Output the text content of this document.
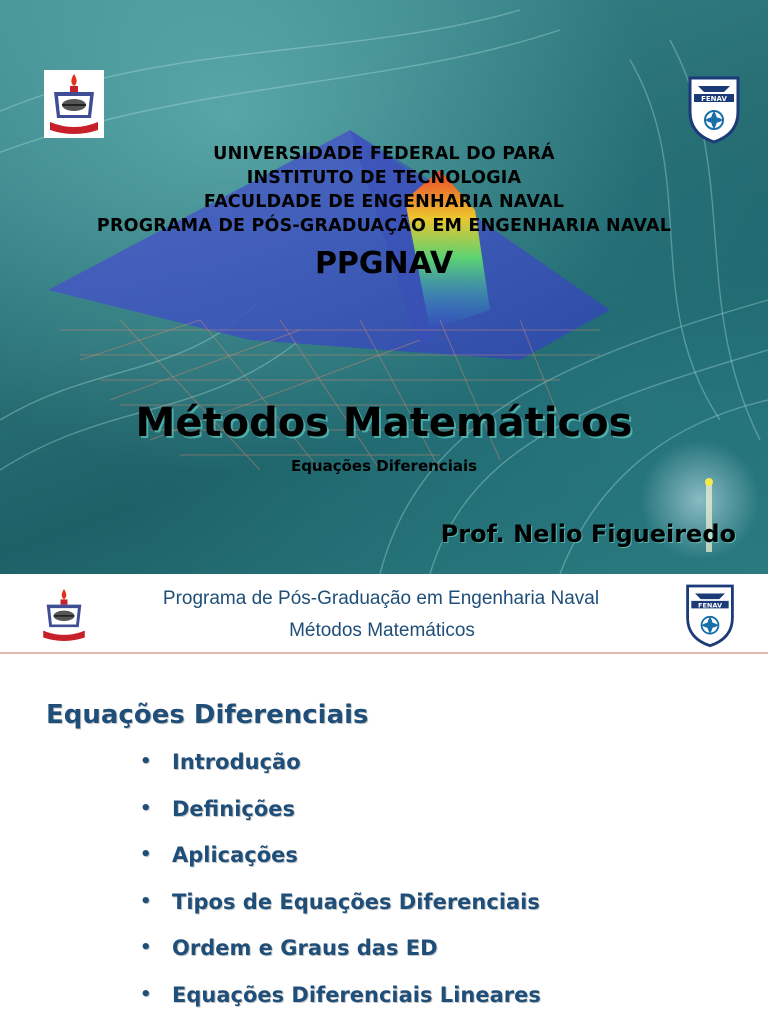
FENAV
UNIVERSIDADE FEDERAL DO PARÁ
INSTITUTO DE TECNOLOGIA
FACULDADE DE ENGENHARIA NAVAL
PROGRAMA DE PÓS-GRADUAÇÃO EM ENGENHARIA NAVAL
PPGNAV
Métodos Matemáticos
Equações Diferenciais
Prof. Nelio Figueiredo
Programa de Pós-Graduação em Engenharia Naval
Métodos Matemáticos
FENAV
Equações Diferenciais
• Introdução
• Definições
• Aplicações
• Tipos de Equações Diferenciais
• Ordem e Graus das ED
• Equações Diferenciais Lineares
